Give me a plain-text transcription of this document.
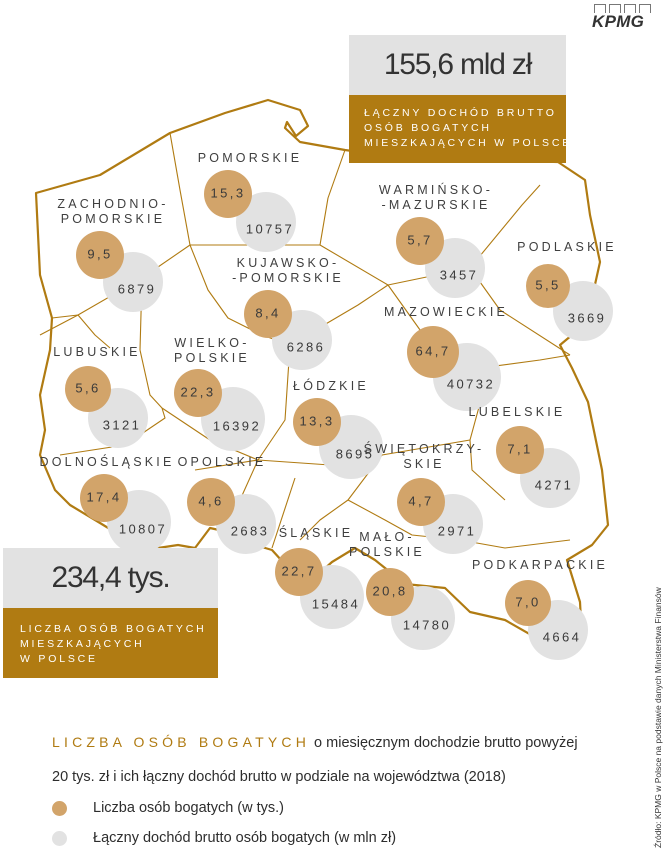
POMORSKIE
15,3
10757
ZACHODNIO-
POMORSKIE
9,5
6879
WARMIŃSKO-
-MAZURSKIE
5,7
3457
PODLASKIE
5,5
3669
KUJAWSKO-
-POMORSKIE
8,4
6286
MAZOWIECKIE
64,7
40732
LUBUSKIE
5,6
3121
WIELKO-
POLSKIE
22,3
16392
ŁÓDZKIE
13,3
8695
LUBELSKIE
7,1
4271
DOLNOŚLĄSKIE
17,4
10807
OPOLSKIE
4,6
2683
ŚWIĘTOKRZY-
SKIE
4,7
2971
ŚLĄSKIE
22,7
15484
MAŁO-
POLSKIE
20,8
14780
PODKARPACKIE
7,0
4664
KPMG
155,6 mld zł
ŁĄCZNY DOCHÓD BRUTTO
OSÓB BOGATYCH
MIESZKAJĄCYCH W POLSCE
234,4 tys.
LICZBA OSÓB BOGATYCH
MIESZKAJĄCYCH
W POLSCE
LICZBA OSÓB BOGATYCH o miesięcznym dochodzie brutto powyżej
20 tys. zł i ich łączny dochód brutto w podziale na województwa (2018)
Liczba osób bogatych (w tys.)
Łączny dochód brutto osób bogatych (w mln zł)	Źródło: KPMG w Polsce na podstawie danych Ministerstwa Finansów
